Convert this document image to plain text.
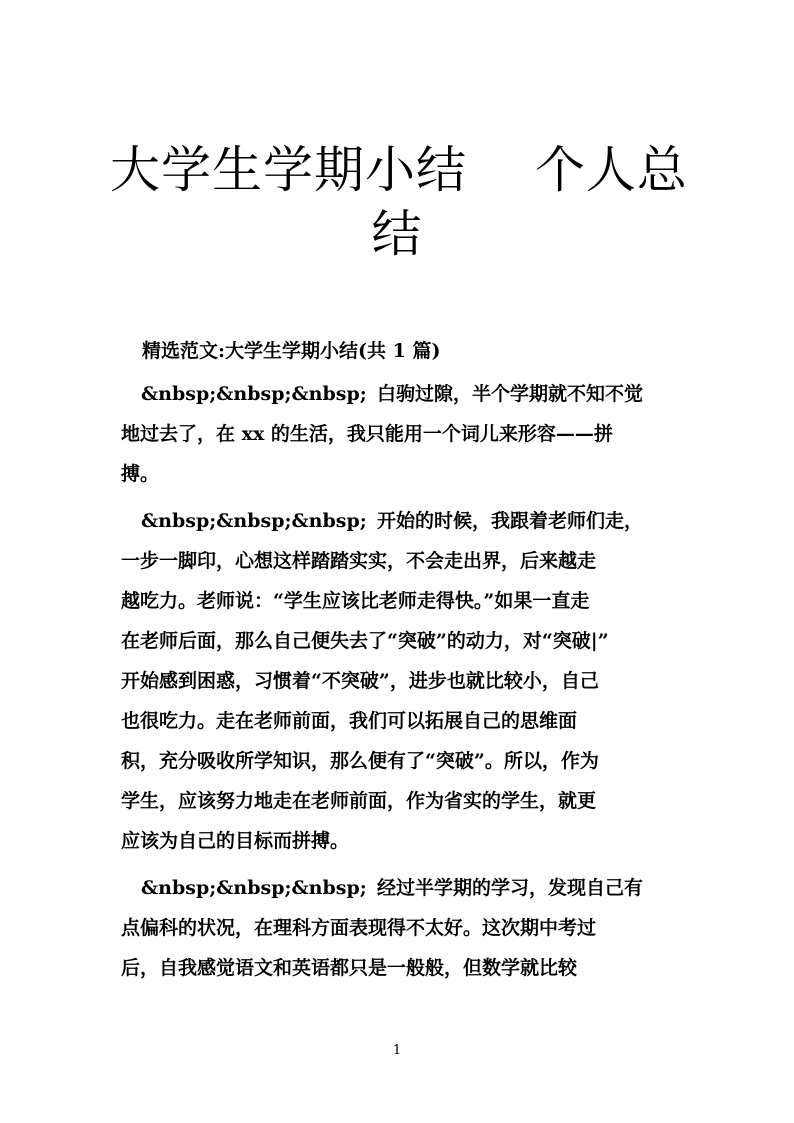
大学生学期小结　 个人总
结

精选范文:大学生学期小结(共 1 篇)

&nbsp;&nbsp;&nbsp; 白驹过隙，半个学期就不知不觉
地过去了，在 xx 的生活，我只能用一个词儿来形容——拼
搏。

&nbsp;&nbsp;&nbsp; 开始的时候，我跟着老师们走，
一步一脚印，心想这样踏踏实实，不会走出界，后来越走
越吃力。老师说：“学生应该比老师走得快。”如果一直走
在老师后面，那么自己便失去了“突破”的动力，对“突破|”
开始感到困惑，习惯着“不突破”，进步也就比较小，自己
也很吃力。走在老师前面，我们可以拓展自己的思维面
积，充分吸收所学知识，那么便有了“突破”。所以，作为
学生，应该努力地走在老师前面，作为省实的学生，就更
应该为自己的目标而拼搏。

&nbsp;&nbsp;&nbsp; 经过半学期的学习，发现自己有
点偏科的状况，在理科方面表现得不太好。这次期中考过
后，自我感觉语文和英语都只是一般般，但数学就比较

1
